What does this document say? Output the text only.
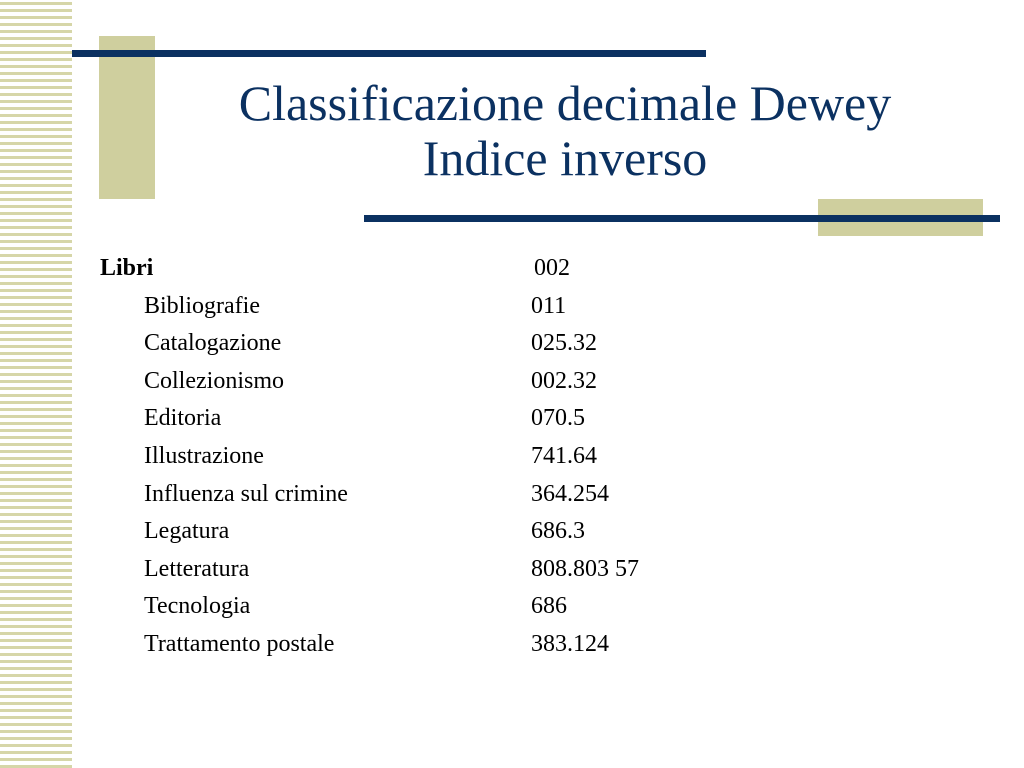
Classificazione decimale Dewey
Indice inverso
Libri	002
Bibliografie	011
Catalogazione	025.32
Collezionismo	002.32
Editoria	070.5
Illustrazione	741.64
Influenza sul crimine	364.254
Legatura	686.3
Letteratura	808.803 57
Tecnologia	686
Trattamento postale	383.124
